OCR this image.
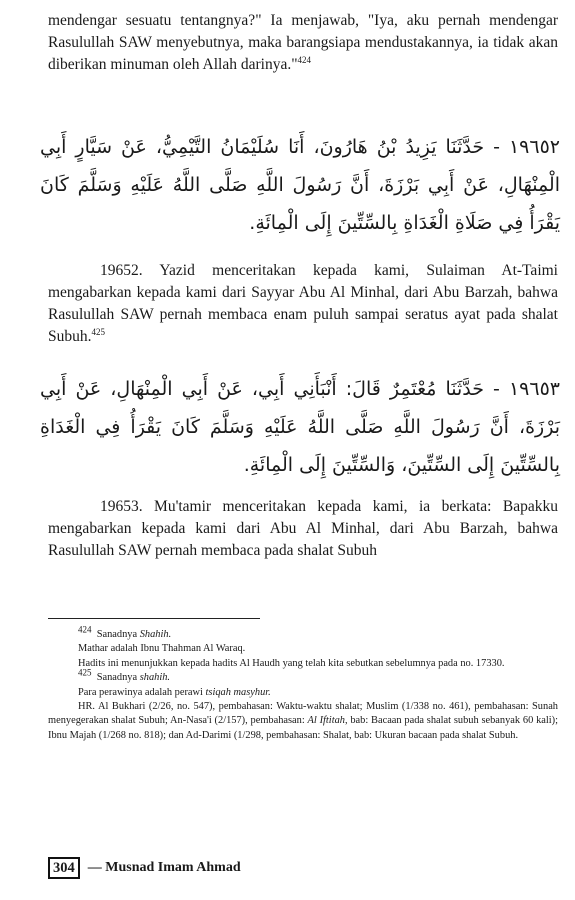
mendengar sesuatu tentangnya?" Ia menjawab, "Iya, aku pernah mendengar Rasulullah SAW menyebutnya, maka barangsiapa mendustakannya, ia tidak akan diberikan minuman oleh Allah darinya."$^{424}$

١٩٦٥٢ - حَدَّثَنَا يَزِيدُ بْنُ هَارُونَ، أَنَا سُلَيْمَانُ التَّيْمِيُّ، عَنْ سَيَّارٍ أَبِي الْمِنْهَالِ، عَنْ أَبِي بَرْزَةَ، أَنَّ رَسُولَ اللَّهِ صَلَّى اللَّهُ عَلَيْهِ وَسَلَّمَ كَانَ يَقْرَأُ فِي صَلَاةِ الْغَدَاةِ بِالسِّتِّينَ إِلَى الْمِائَةِ.

19652. Yazid menceritakan kepada kami, Sulaiman At-Taimi mengabarkan kepada kami dari Sayyar Abu Al Minhal, dari Abu Barzah, bahwa Rasulullah SAW pernah membaca enam puluh sampai seratus ayat pada shalat Subuh.$^{425}$

١٩٦٥٣ - حَدَّثَنَا مُعْتَمِرٌ قَالَ: أَنْبَأَنِي أَبِي، عَنْ أَبِي الْمِنْهَالِ، عَنْ أَبِي بَرْزَةَ، أَنَّ رَسُولَ اللَّهِ صَلَّى اللَّهُ عَلَيْهِ وَسَلَّمَ كَانَ يَقْرَأُ فِي الْغَدَاةِ بِالسِّتِّينَ إِلَى السِّتِّينَ، وَالسِّتِّينَ إِلَى الْمِائَةِ.

19653. Mu'tamir menceritakan kepada kami, ia berkata: Bapakku mengabarkan kepada kami dari Abu Al Minhal, dari Abu Barzah, bahwa Rasulullah SAW pernah membaca pada shalat Subuh

$^{424}$ Sanadnya Shahih.

Mathar adalah Ibnu Thahman Al Waraq.

Hadits ini menunjukkan kepada hadits Al Haudh yang telah kita sebutkan sebelumnya pada no. 17330.

$^{425}$ Sanadnya shahih.

Para perawinya adalah perawi tsiqah masyhur.

HR. Al Bukhari (2/26, no. 547), pembahasan: Waktu-waktu shalat; Muslim (1/338 no. 461), pembahasan: Sunah menyegerakan shalat Subuh; An-Nasa'i (2/157), pembahasan: Al Iftitah, bab: Bacaan pada shalat subuh sebanyak 60 kali); Ibnu Majah (1/268 no. 818); dan Ad-Darimi (1/298, pembahasan: Shalat, bab: Ukuran bacaan pada shalat Subuh.

304 — Musnad Imam Ahmad
